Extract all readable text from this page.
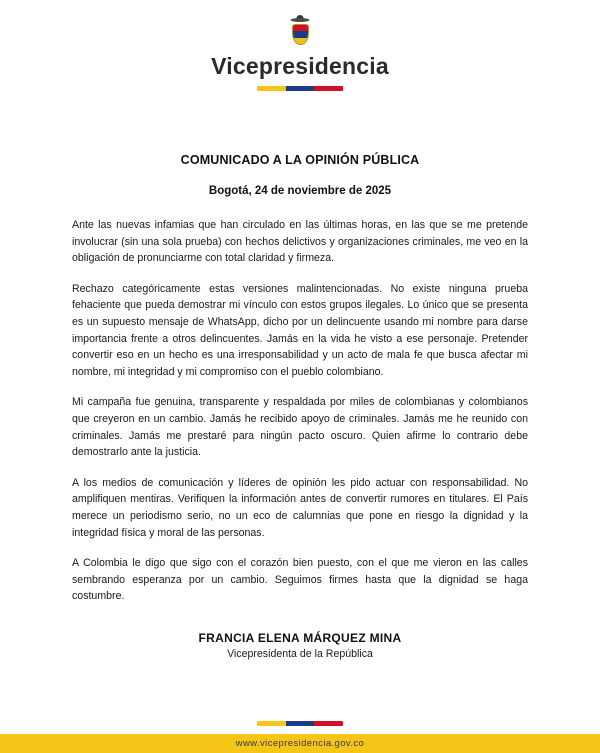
Vicepresidencia
COMUNICADO A LA OPINIÓN PÚBLICA
Bogotá, 24 de noviembre de 2025

Ante las nuevas infamias que han circulado en las últimas horas, en las que se me pretende involucrar (sin una sola prueba) con hechos delictivos y organizaciones criminales, me veo en la obligación de pronunciarme con total claridad y firmeza.

Rechazo categóricamente estas versiones malintencionadas. No existe ninguna prueba fehaciente que pueda demostrar mi vínculo con estos grupos ilegales. Lo único que se presenta es un supuesto mensaje de WhatsApp, dicho por un delincuente usando mi nombre para darse importancia frente a otros delincuentes. Jamás en la vida he visto a ese personaje. Pretender convertir eso en un hecho es una irresponsabilidad y un acto de mala fe que busca afectar mi nombre, mi integridad y mi compromiso con el pueblo colombiano.

Mi campaña fue genuina, transparente y respaldada por miles de colombianas y colombianos que creyeron en un cambio. Jamás he recibido apoyo de criminales. Jamás me he reunido con criminales. Jamás me prestaré para ningún pacto oscuro. Quien afirme lo contrario debe demostrarlo ante la justicia.

A los medios de comunicación y líderes de opinión les pido actuar con responsabilidad. No amplifiquen mentiras. Verifiquen la información antes de convertir rumores en titulares. El País merece un periodismo serio, no un eco de calumnias que pone en riesgo la dignidad y la integridad física y moral de las personas.

A Colombia le digo que sigo con el corazón bien puesto, con el que me vieron en las calles sembrando esperanza por un cambio. Seguimos firmes hasta que la dignidad se haga costumbre.

FRANCIA ELENA MÁRQUEZ MINA
Vicepresidenta de la República
www.vicepresidencia.gov.co
